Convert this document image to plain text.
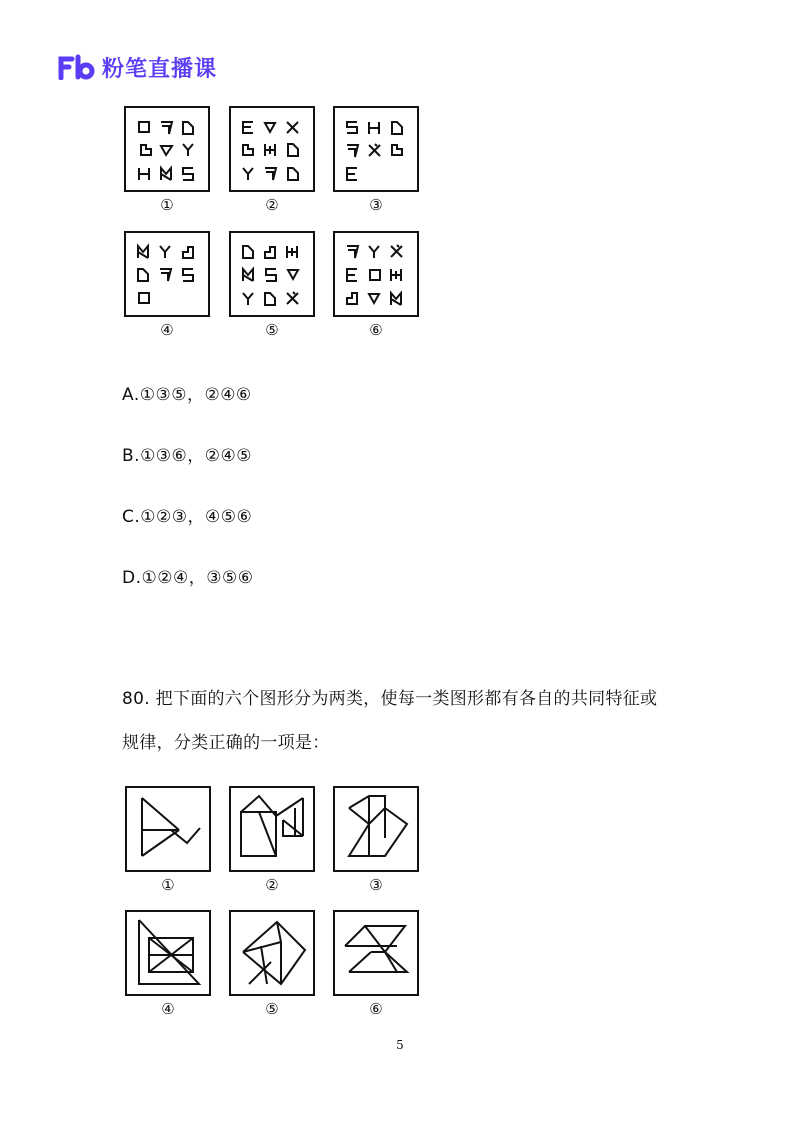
粉笔直播课
①	②	③
④	⑤	⑥
A.①③⑤，②④⑥
B.①③⑥，②④⑤
C.①②③，④⑤⑥
D.①②④，③⑤⑥
80. 把下面的六个图形分为两类，使每一类图形都有各自的共同特征或
规律，分类正确的一项是：
①	②	③
④	⑤	⑥
5
